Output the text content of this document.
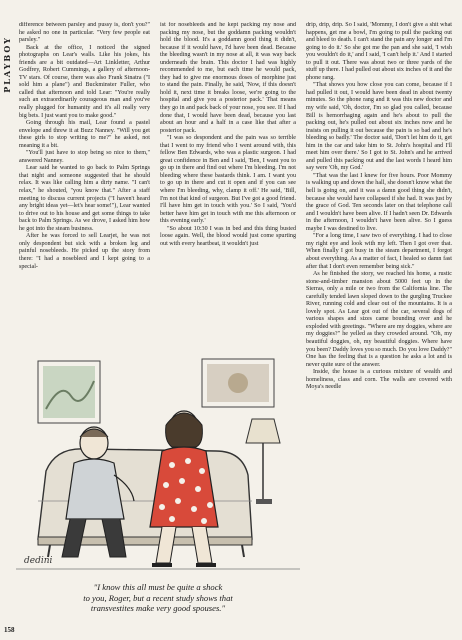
PLAYBOY

difference between parsley and pussy is, don't you?" he asked no one in particular. "Very few people eat parsley."

Back at the office, I noticed the signed photographs on Lear's walls. Like his jokes, his friends are a bit outdated—Art Linkletter, Arthur Godfrey, Robert Cummings, a gallery of afternoon-TV stars. Of course, there was also Frank Sinatra ("I sold him a plane") and Buckminster Fuller, who called that afternoon and told Lear: "You're really such an extraordinarily courageous man and you've really plugged for humanity and it's all really very big bets. I just want you to make good."

Going through his mail, Lear found a pastel envelope and threw it at Buzz Nanney. "Will you get these girls to stop writing to me?" he asked, not meaning it a bit.

"You'll just have to stop being so nice to them," answered Nanney.

Lear said he wanted to go back to Palm Springs that night and someone suggested that he should relax. It was like calling him a dirty name. "I can't relax," he shouted, "you know that." After a staff meeting to discuss current projects ("I haven't heard any bright ideas yet—let's hear some!"), Lear wanted to drive out to his house and get some things to take back to Palm Springs. As we drove, I asked him how he got into the steam business.

After he was forced to sell Learjet, he was not only despondent but sick with a broken leg and painful nosebleeds. He picked up the story from there: "I had a nosebleed and I kept going to a special-

ist for nosebleeds and he kept packing my nose and packing my nose, but the goddamn packing wouldn't hold the blood. It's a goddamn good thing it didn't, because if it would have, I'd have been dead. Because the bleeding wasn't in my nose at all, it was way back underneath the brain. This doctor I had was highly recommended to me, but each time he would pack, they had to give me enormous doses of morphine just to stand the pain. Finally, he said, 'Now, if this doesn't hold it, next time it breaks loose, we're going to the hospital and give you a posterior pack.' That means they go in and pack back of your nose, you see. If I had done that, I would have been dead, because you last about an hour and a half in a case like that after a posterior pack.

"I was so despondent and the pain was so terrible that I went to my friend who I went around with, this fellow Ben Edwards, who was a plastic surgeon. I had great confidence in Ben and I said, 'Ben, I want you to go up in there and find out where I'm bleeding. I'm not bleeding where these bastards think. I am. I want you to go up in there and cut it open and if you can see where I'm bleeding, why, clamp it off.' He said, 'Bill, I'm not that kind of surgeon. But I've got a good friend. I'll have him get in touch with you.' So I said, 'You'd better have him get in touch with me this afternoon or this evening early.'

"So about 10:30 I was in bed and this thing busted loose again. Well, the blood would just come spurting out with every heartbeat, it wouldn't just

drip, drip, drip. So I said, 'Mommy, I don't give a shit what happens, get me a bowl, I'm going to pull the packing out and bleed to death. I can't stand the pain any longer and I'm going to do it.' So she got me the pan and she said, 'I wish you wouldn't do it,' and I said, 'I can't help it.' And I started to pull it out. There was about two or three yards of the stuff up there. I had pulled out about six inches of it and the phone rang.

"That shows you how close you can come, because if I had pulled it out, I would have been dead in about twenty minutes. So the phone rang and it was this new doctor and my wife said, 'Oh, doctor, I'm so glad you called, because Bill is hemorrhaging again and he's about to pull the packing out, he's pulled out about six inches now and he insists on pulling it out because the pain is so bad and he's bleeding so badly.' The doctor said, 'Don't let him do it, get him in the car and take him to St. John's hospital and I'll meet him over there.' So I got to St. John's and he arrived and pulled this packing out and the last words I heard him say were 'Oh, my God.'

"That was the last I knew for five hours. Poor Mommy is walking up and down the hall, she doesn't know what the hell is going on, and it was a damn good thing she didn't, because she would have collapsed if she had. It was just by the grace of God. Ten seconds later on that telephone call and I wouldn't have been alive. If I hadn't seen Dr. Edwards in the afternoon, I wouldn't have been alive. So I guess maybe I was destined to live.

"For a long time, I saw two of everything. I had to close my right eye and look with my left. Then I got over that. When finally I got busy in the steam department, I forgot about everything. As a matter of fact, I healed so damn fast after that I don't even remember being sick."

As he finished the story, we reached his home, a rustic stone-and-timber mansion about 5000 feet up in the Sierras, only a mile or two from the California line. The carefully tended lawn sloped down to the gurgling Truckee River, running cold and clear out of the mountains. It is a lovely spot. As Lear got out of the car, several dogs of various shapes and sizes came bounding over and he exploded with greetings. "Where are my doggies, where are my doggies?" he yelled as they crowded around. "Oh, my beautiful doggies, oh, my beautiful doggies. Where have you been? Daddy loves you so much. Do you love Daddy?" One has the feeling that is a question he asks a lot and is never quite sure of the answer.

Inside, the house is a curious mixture of wealth and homeliness, class and corn. The walls are covered with Moya's needle

dedini
"I know this all must be quite a shock
to you, Roger, but a recent study shows that
transvestites make very good spouses."
158
